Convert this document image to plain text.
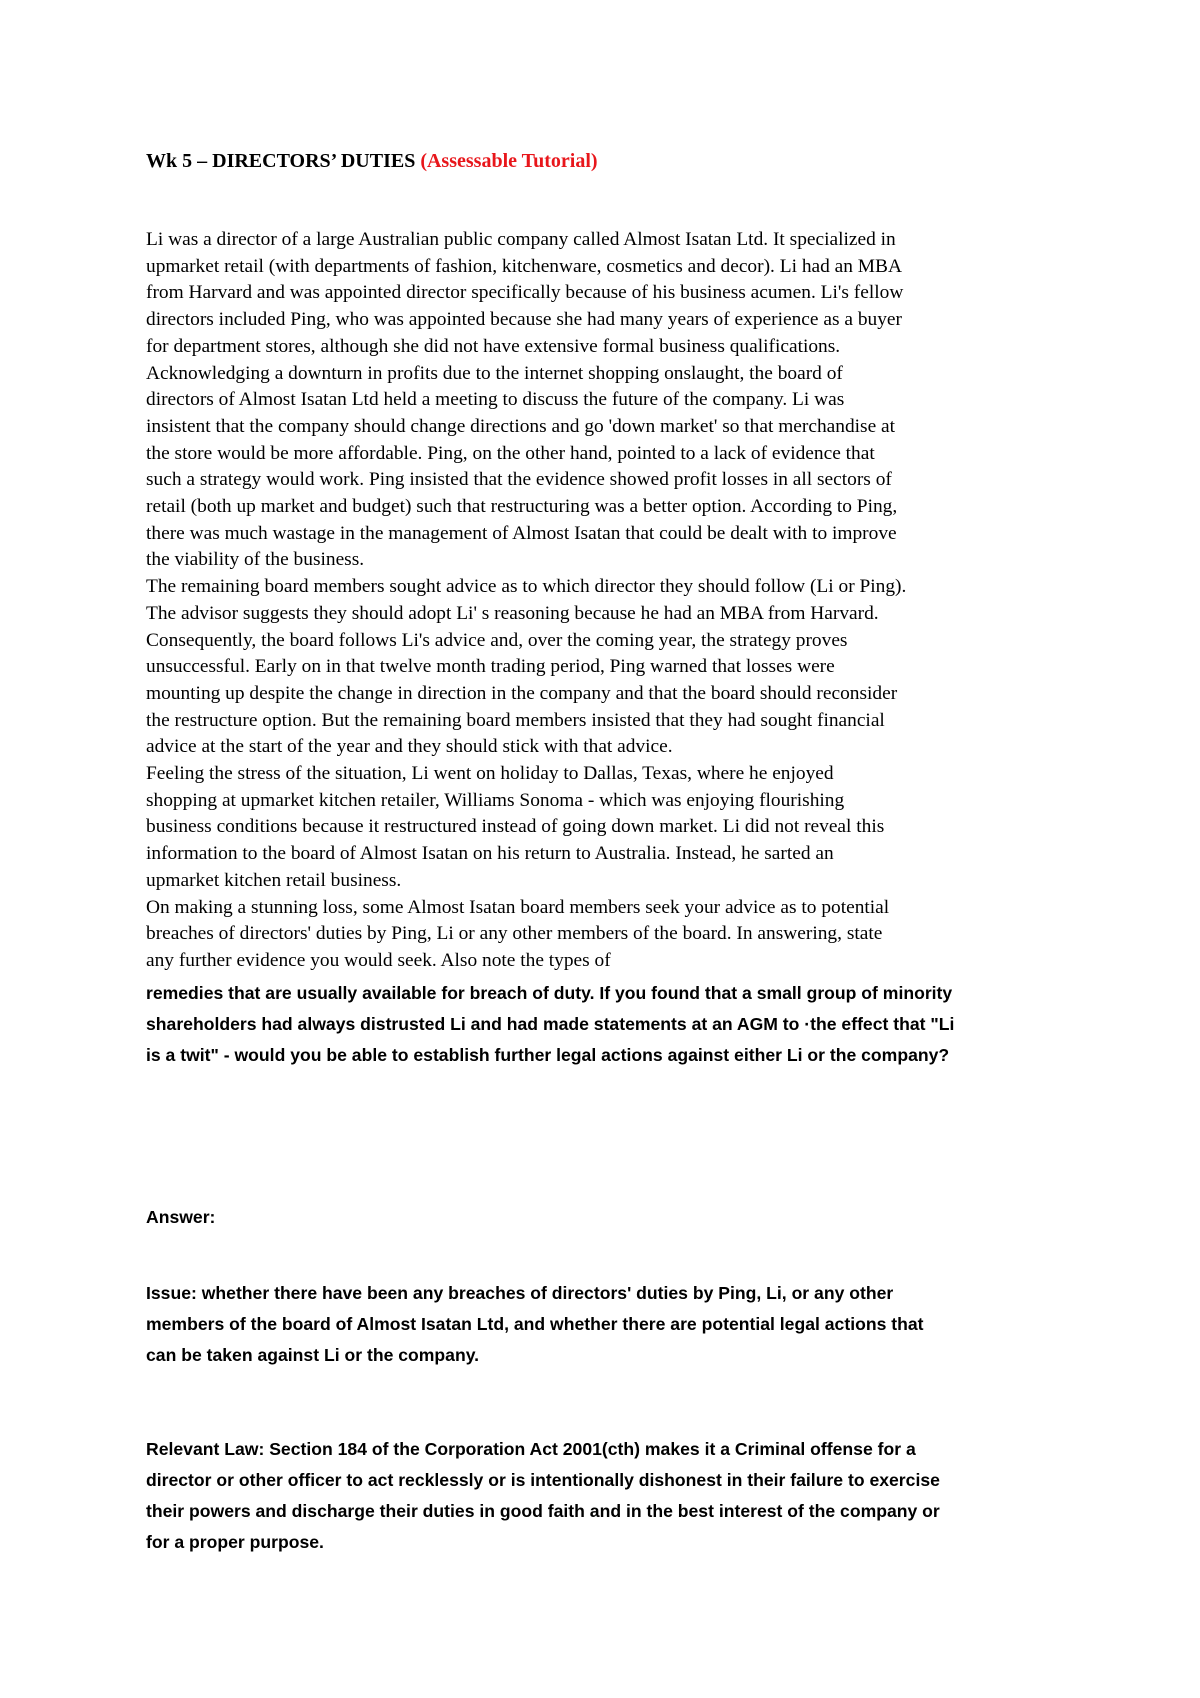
Wk 5 – DIRECTORS’ DUTIES (Assessable Tutorial)

Li was a director of a large Australian public company called Almost Isatan Ltd. It specialized in
upmarket retail (with departments of fashion, kitchenware, cosmetics and decor). Li had an MBA
from Harvard and was appointed director specifically because of his business acumen. Li's fellow
directors included Ping, who was appointed because she had many years of experience as a buyer
for department stores, although she did not have extensive formal business qualifications.

Acknowledging a downturn in profits due to the internet shopping onslaught, the board of
directors of Almost Isatan Ltd held a meeting to discuss the future of the company. Li was
insistent that the company should change directions and go 'down market' so that merchandise at
the store would be more affordable. Ping, on the other hand, pointed to a lack of evidence that
such a strategy would work. Ping insisted that the evidence showed profit losses in all sectors of
retail (both up market and budget) such that restructuring was a better option. According to Ping,
there was much wastage in the management of Almost Isatan that could be dealt with to improve
the viability of the business.

The remaining board members sought advice as to which director they should follow (Li or Ping).
The advisor suggests they should adopt Li' s reasoning because he had an MBA from Harvard.
Consequently, the board follows Li's advice and, over the coming year, the strategy proves
unsuccessful. Early on in that twelve month trading period, Ping warned that losses were
mounting up despite the change in direction in the company and that the board should reconsider
the restructure option. But the remaining board members insisted that they had sought financial
advice at the start of the year and they should stick with that advice.

Feeling the stress of the situation, Li went on holiday to Dallas, Texas, where he enjoyed
shopping at upmarket kitchen retailer, Williams Sonoma - which was enjoying flourishing
business conditions because it restructured instead of going down market. Li did not reveal this
information to the board of Almost Isatan on his return to Australia. Instead, he sarted an
upmarket kitchen retail business.

On making a stunning loss, some Almost Isatan board members seek your advice as to potential
breaches of directors' duties by Ping, Li or any other members of the board. In answering, state
any further evidence you would seek. Also note the types of

remedies that are usually available for breach of duty. If you found that a small group of minority
shareholders had always distrusted Li and had made statements at an AGM to ·the effect that "Li
is a twit" - would you be able to establish further legal actions against either Li or the company?
Answer:
Issue: whether there have been any breaches of directors' duties by Ping, Li, or any other
members of the board of Almost Isatan Ltd, and whether there are potential legal actions that
can be taken against Li or the company.
Relevant Law: Section 184 of the Corporation Act 2001(cth) makes it a Criminal offense for a
director or other officer to act recklessly or is intentionally dishonest in their failure to exercise
their powers and discharge their duties in good faith and in the best interest of the company or
for a proper purpose.
